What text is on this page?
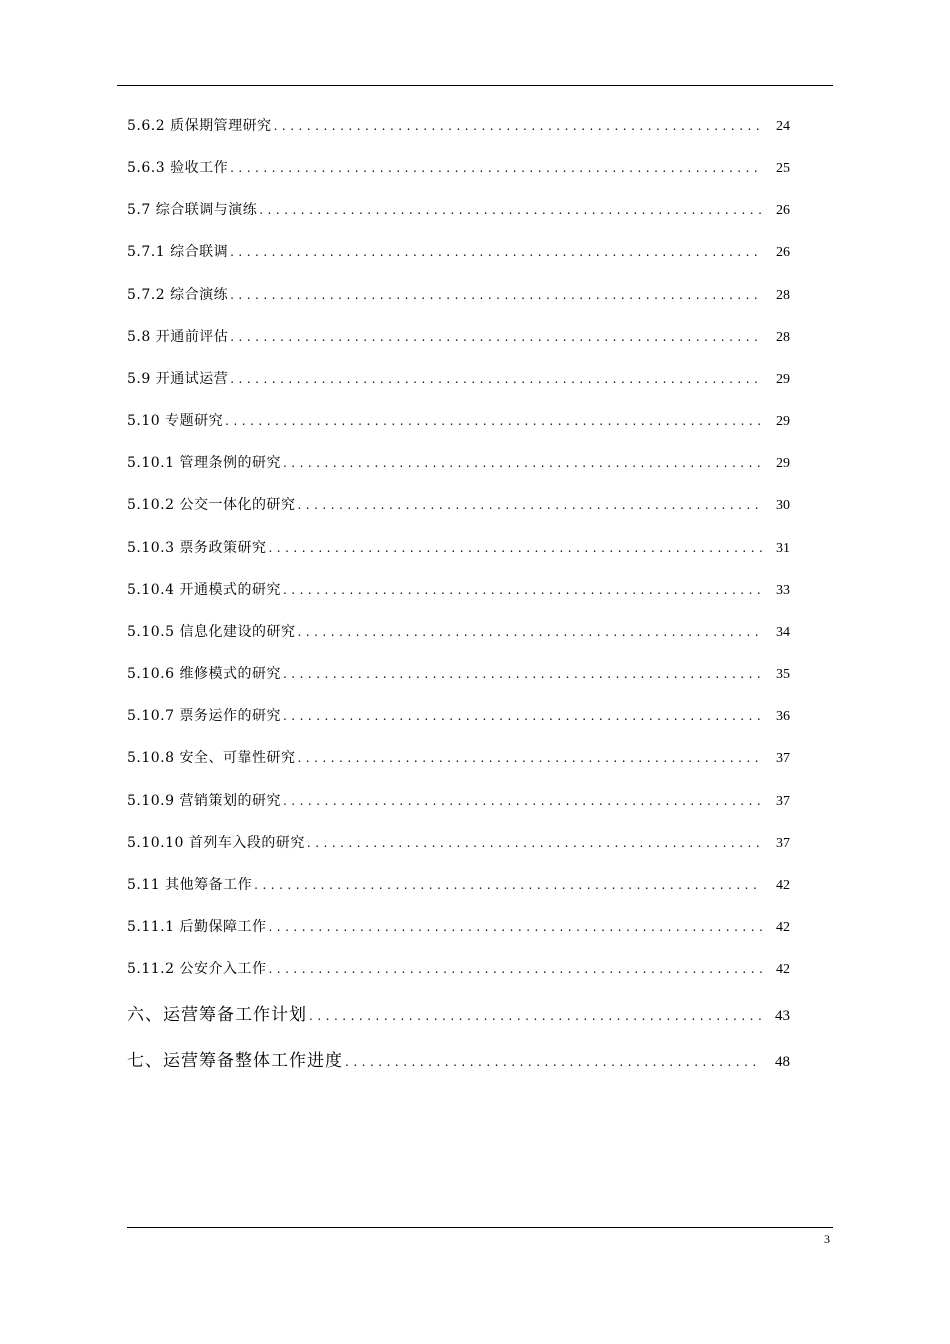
5.6.2 质保期管理研究 .....	24
5.6.3 验收工作 .....	25
5.7 综合联调与演练 .....	26
5.7.1 综合联调 .....	26
5.7.2 综合演练 .....	28
5.8 开通前评估 .....	28
5.9 开通试运营 .....	29
5.10 专题研究 .....	29
5.10.1 管理条例的研究 .....	29
5.10.2 公交一体化的研究 .....	30
5.10.3 票务政策研究 .....	31
5.10.4 开通模式的研究 .....	33
5.10.5 信息化建设的研究 .....	34
5.10.6 维修模式的研究 .....	35
5.10.7 票务运作的研究 .....	36
5.10.8 安全、可靠性研究 .....	37
5.10.9 营销策划的研究 .....	37
5.10.10 首列车入段的研究 .....	37
5.11 其他筹备工作 .....	42
5.11.1 后勤保障工作 .....	42
5.11.2 公安介入工作 .....	42
六、运营筹备工作计划 .....	43
七、运营筹备整体工作进度 .....	48
3
